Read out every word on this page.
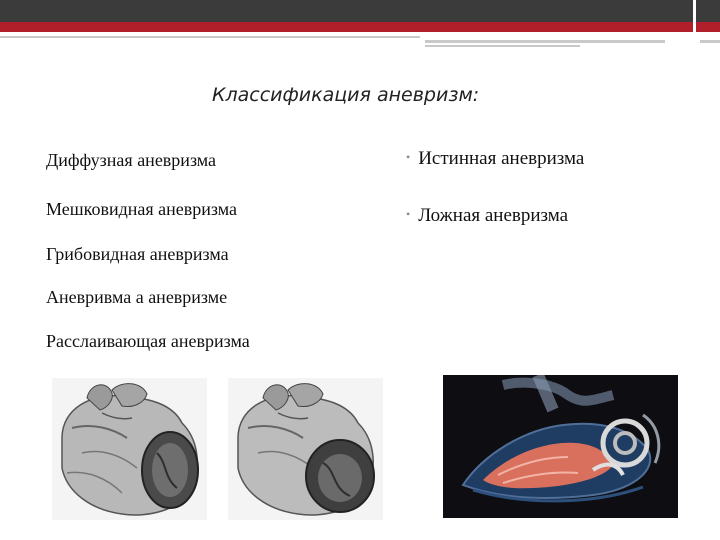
Классификация аневризм:
Диффузная аневризма
Мешковидная аневризма
Грибовидная аневризма
Аневривма а аневризме
Расслаивающая аневризма
• Истинная аневризма
• Ложная аневризма
